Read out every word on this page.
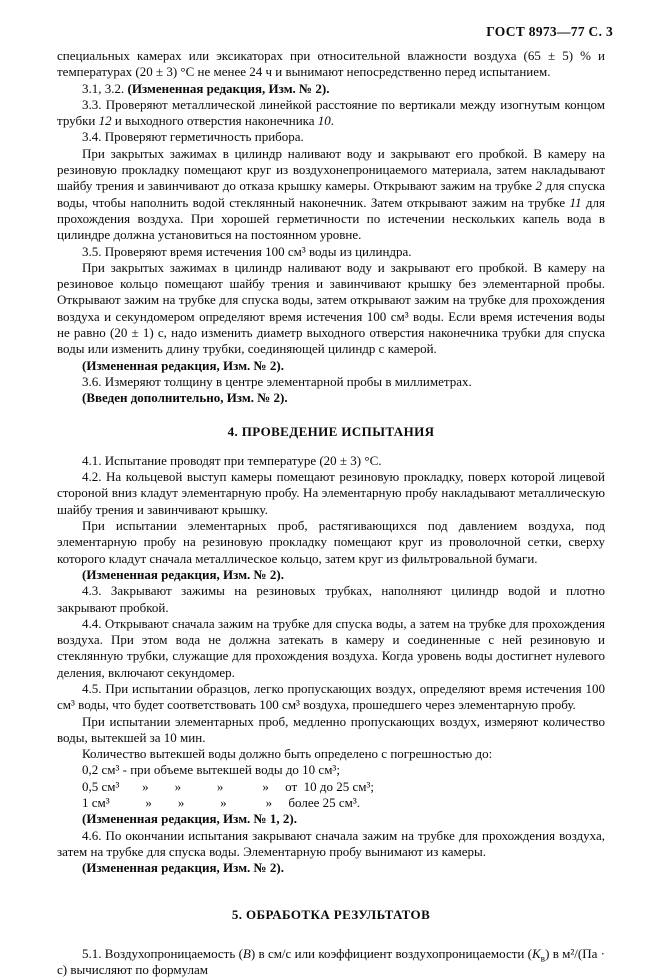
ГОСТ 8973—77 С. 3

специальных камерах или эксикаторах при относительной влажности воздуха (65 ± 5) % и температурах (20 ± 3) °С не менее 24 ч и вынимают непосредственно перед испытанием.

3.1, 3.2. (Измененная редакция, Изм. № 2).

3.3. Проверяют металлической линейкой расстояние по вертикали между изогнутым концом трубки 12 и выходного отверстия наконечника 10.

3.4. Проверяют герметичность прибора.

При закрытых зажимах в цилиндр наливают воду и закрывают его пробкой. В камеру на резиновую прокладку помещают круг из воздухонепроницаемого материала, затем накладывают шайбу трения и завинчивают до отказа крышку камеры. Открывают зажим на трубке 2 для спуска воды, чтобы наполнить водой стеклянный наконечник. Затем открывают зажим на трубке 11 для прохождения воздуха. При хорошей герметичности по истечении нескольких капель вода в цилиндре должна установиться на постоянном уровне.

3.5. Проверяют время истечения 100 см³ воды из цилиндра.

При закрытых зажимах в цилиндр наливают воду и закрывают его пробкой. В камеру на резиновое кольцо помещают шайбу трения и завинчивают крышку без элементарной пробы. Открывают зажим на трубке для спуска воды, затем открывают зажим на трубке для прохождения воздуха и секундомером определяют время истечения 100 см³ воды. Если время истечения воды не равно (20 ± 1) с, надо изменить диаметр выходного отверстия наконечника трубки для спуска воды или изменить длину трубки, соединяющей цилиндр с камерой.

(Измененная редакция, Изм. № 2).

3.6. Измеряют толщину в центре элементарной пробы в миллиметрах.

(Введен дополнительно, Изм. № 2).

4. ПРОВЕДЕНИЕ ИСПЫТАНИЯ

4.1. Испытание проводят при температуре (20 ± 3) °С.

4.2. На кольцевой выступ камеры помещают резиновую прокладку, поверх которой лицевой стороной вниз кладут элементарную пробу. На элементарную пробу накладывают металлическую шайбу трения и завинчивают крышку.

При испытании элементарных проб, растягивающихся под давлением воздуха, под элементарную пробу на резиновую прокладку помещают круг из проволочной сетки, сверху которого кладут сначала металлическое кольцо, затем круг из фильтровальной бумаги.

(Измененная редакция, Изм. № 2).

4.3. Закрывают зажимы на резиновых трубках, наполняют цилиндр водой и плотно закрывают пробкой.

4.4. Открывают сначала зажим на трубке для спуска воды, а затем на трубке для прохождения воздуха. При этом вода не должна затекать в камеру и соединенные с ней резиновую и стеклянную трубки, служащие для прохождения воздуха. Когда уровень воды достигнет нулевого деления, включают секундомер.

4.5. При испытании образцов, легко пропускающих воздух, определяют время истечения 100 см³ воды, что будет соответствовать 100 см³ воздуха, прошедшего через элементарную пробу.

При испытании элементарных проб, медленно пропускающих воздух, измеряют количество воды, вытекшей за 10 мин.

Количество вытекшей воды должно быть определено с погрешностью до:

0,2 см³ - при объеме вытекшей воды до 10 см³;

0,5 см³       »        »           »            »     от  10 до 25 см³;

1 см³           »        »           »            »     более 25 см³.

(Измененная редакция, Изм. № 1, 2).

4.6. По окончании испытания закрывают сначала зажим на трубке для прохождения воздуха, затем на трубке для спуска воды. Элементарную пробу вынимают из камеры.

(Измененная редакция, Изм. № 2).

5. ОБРАБОТКА РЕЗУЛЬТАТОВ

5.1. Воздухопроницаемость (В) в см/с или коэффициент воздухопроницаемости $(К_в)$ в м²/(Па · с) вычисляют по формулам
